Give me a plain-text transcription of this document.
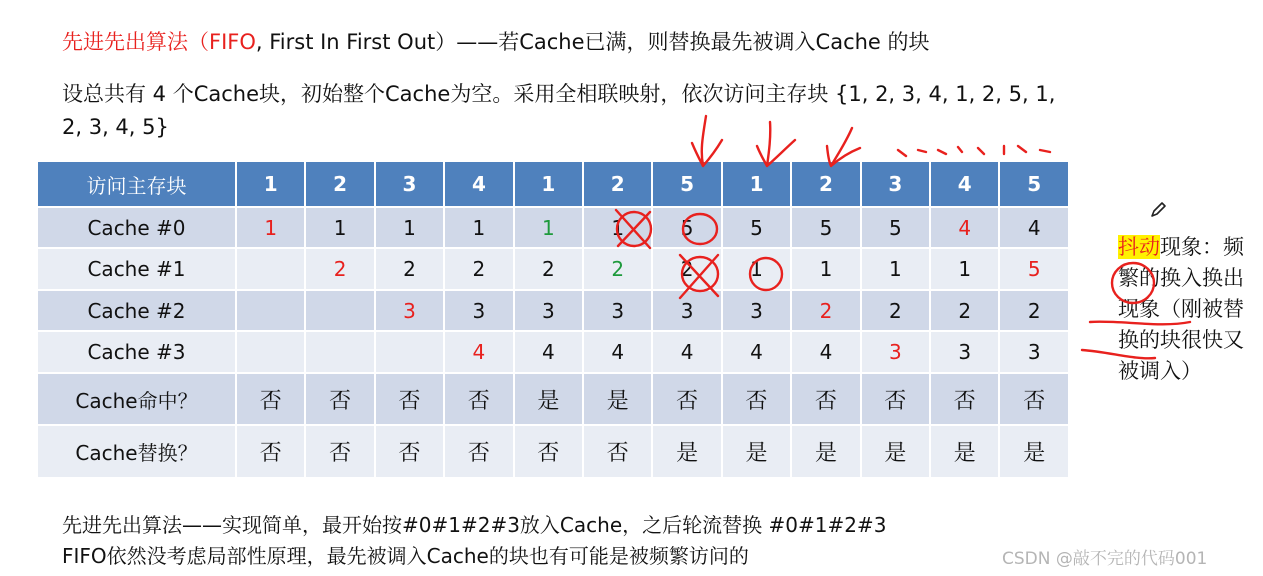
先进先出算法（FIFO, First In First Out）——若Cache已满，则替换最先被调入Cache 的块
设总共有 4 个Cache块，初始整个Cache为空。采用全相联映射，依次访问主存块 {1, 2, 3, 4, 1, 2, 5, 1, 2, 3, 4, 5}
访问主存块	1	2	3	4	1	2	5	1	2	3	4	5
Cache #0	1	1	1	1	1	1	5	5	5	5	4	4
Cache #1		2	2	2	2	2	2	1	1	1	1	5
Cache #2			3	3	3	3	3	3	2	2	2	2
Cache #3				4	4	4	4	4	4	3	3	3
Cache命中？	否	否	否	否	是	是	否	否	否	否	否	否
Cache替换？	否	否	否	否	否	否	是	是	是	是	是	是
抖动现象：频繁的换入换出现象（刚被替换的块很快又被调入）
先进先出算法——实现简单，最开始按#0#1#2#3放入Cache，之后轮流替换 #0#1#2#3
FIFO依然没考虑局部性原理，最先被调入Cache的块也有可能是被频繁访问的	CSDN @敲不完的代码001
